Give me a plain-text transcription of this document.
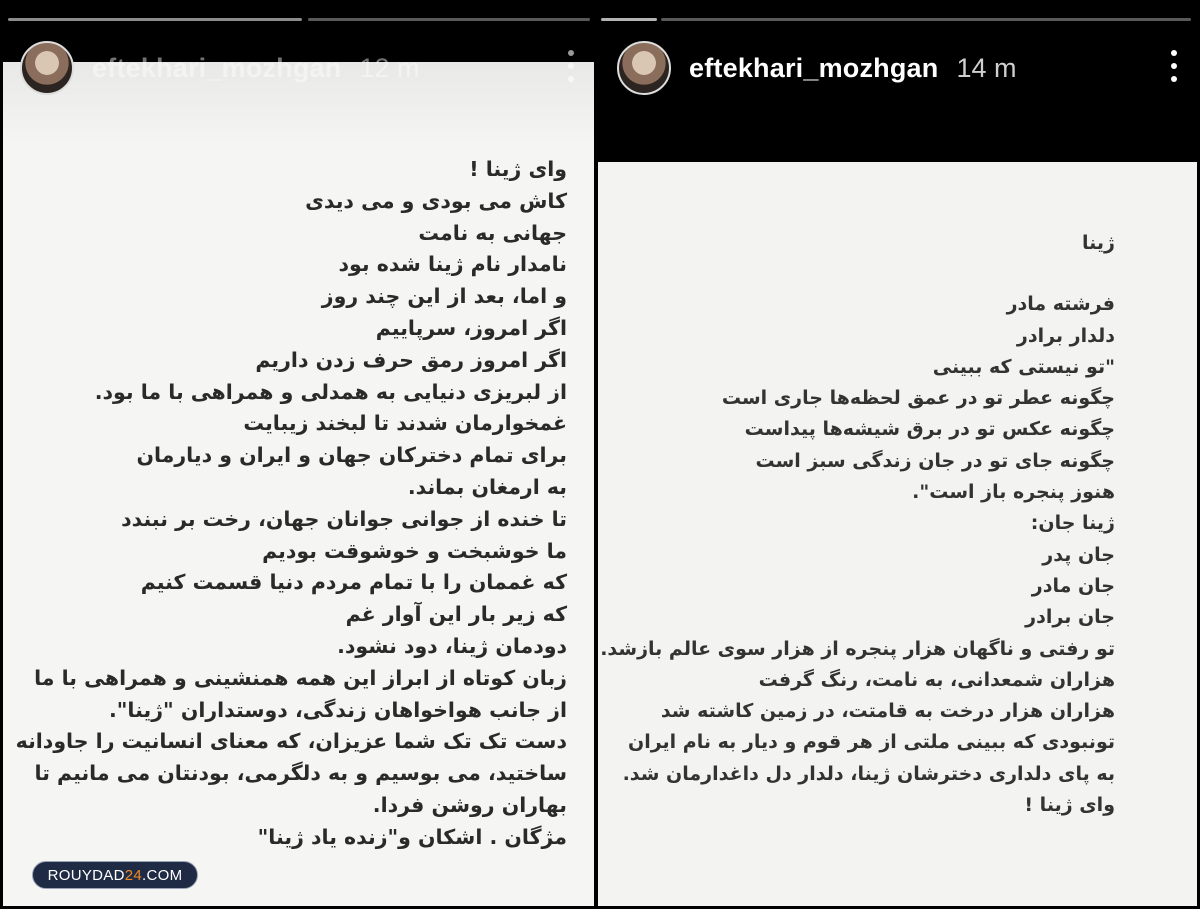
eftekhari_mozhgan 12 m
وای ژینا !
کاش می بودی و می دیدی
جهانی به نامت
نامدار نام ژینا شده بود
و اما، بعد از این چند روز
اگر امروز، سرپاییم
اگر امروز رمق حرف زدن داریم
از لبریزی دنیایی به همدلی و همراهی با ما بود.
غمخوارمان شدند تا لبخند زیبایت
برای تمام دختركان جهان و ایران و دیارمان
به ارمغان بماند.
تا خنده از جوانی جوانان جهان، رخت بر نبندد
ما خوشبخت و خوشوقت بودیم
كه غممان را با تمام مردم دنیا قسمت كنیم
كه زیر بار این آوار غم
دودمان ژینا، دود نشود.
زبان كوتاه از ابراز این همه همنشینی و همراهی با ما
از جانب هواخواهان زندگی، دوستداران "ژینا".
دست تک تک شما عزیزان، كه معنای انسانیت را جاودانه
ساختید، می بوسیم و به دلگرمی، بودنتان می مانیم تا
بهاران روشن فردا.
مژگان . اشكان و"زنده یاد ژینا"
ROUYDAD 24 .COM
eftekhari_mozhgan 14 m
ژینا
فرشته مادر
دلدار برادر
"تو نیستی كه ببینی
چگونه عطر تو در عمق لحظه‌ها جاری است
چگونه عكس تو در برق شیشه‌ها پیداست
چگونه جای تو در جان زندگی سبز است
هنوز پنجره باز است".
ژینا جان:
جان پدر
جان مادر
جان برادر
تو رفتی و ناگهان هزار پنجره از هزار سوی عالم بازشد.
هزاران شمعدانی، به نامت، رنگ گرفت
هزاران هزار درخت به قامتت، در زمین كاشته شد
تونبودی كه ببینی ملتی از هر قوم و دیار به نام ایران
به پای دلداری دخترشان ژینا، دلدار دل داغدارمان شد.
وای ژینا !
